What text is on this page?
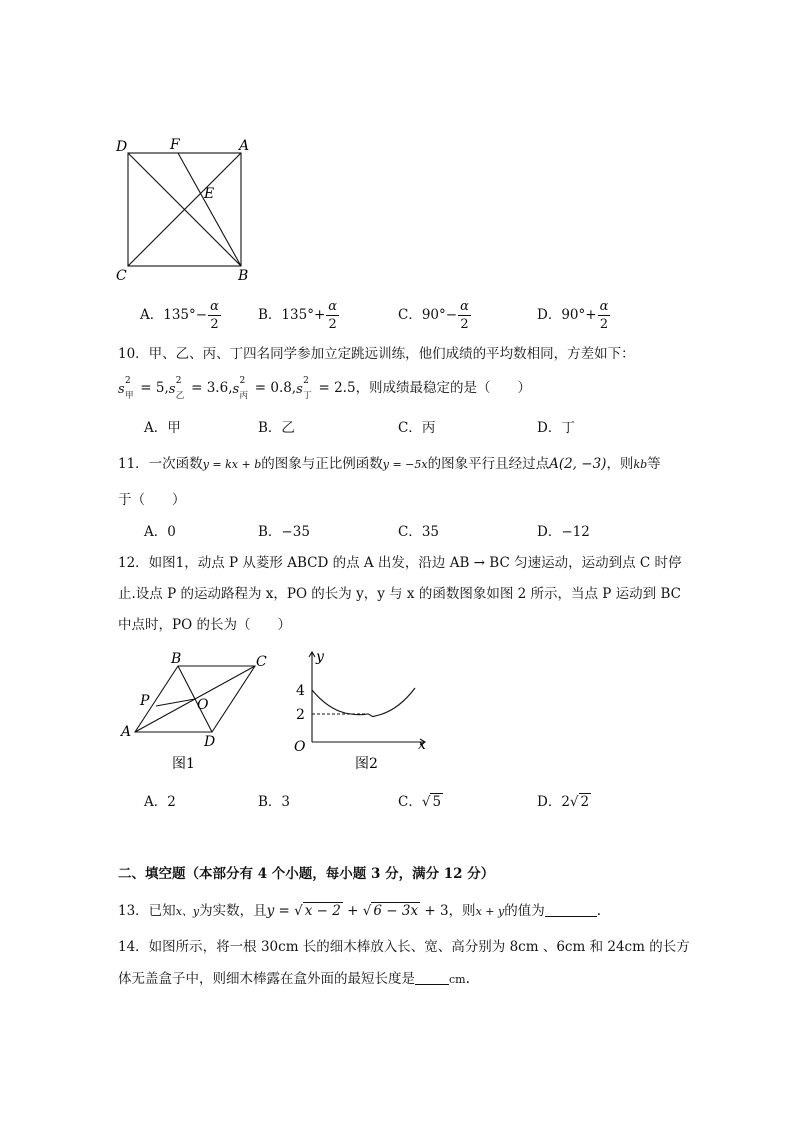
D	F	A
E
C	B
A．$135^\circ- \frac{\alpha}{2}$	B．$135^\circ+ \frac{\alpha}{2}$	C．$90^\circ- \frac{\alpha}{2}$	D．$90^\circ+ \frac{\alpha}{2}$
10．甲、乙、丙、丁四名同学参加立定跳远训练，他们成绩的平均数相同，方差如下：
s
2
甲 = 5, s
2
乙 = 3.6, s
2
丙 = 0.8, s
2
丁 = 2.5，则成绩最稳定的是（　　）
A．甲	B．乙	C．丙	D．丁
11．一次函数y = kx + b的图象与正比例函数y = −5x的图象平行且经过点A(2, −3)，则kb等
于（　　）
A．0	B．−35	C．35	D．−12
12．如图1，动点 P 从菱形 ABCD 的点 A 出发，沿边 AB → BC 匀速运动，运动到点 C 时停
止.设点 P 的运动路程为 x，PO 的长为 y，y 与 x 的函数图象如图 2 所示，当点 P 运动到 BC
中点时，PO 的长为（　　）
B	C
P	O
A
D
图1
y
4
2
O	x
图2
A．2	B．3	C．√ 5	D．2√ 2
二、填空题（本部分有 4 个小题，每小题 3 分，满分 12 分）
13．已知x、y为实数，且y = √ x − 2 + √ 6 − 3x + 3，则x + y的值为	.
14．如图所示，将一根 30cm 长的细木棒放入长、宽、高分别为 8cm 、6cm 和 24cm 的长方
体无盖盒子中，则细木棒露在盒外面的最短长度是	cm.
